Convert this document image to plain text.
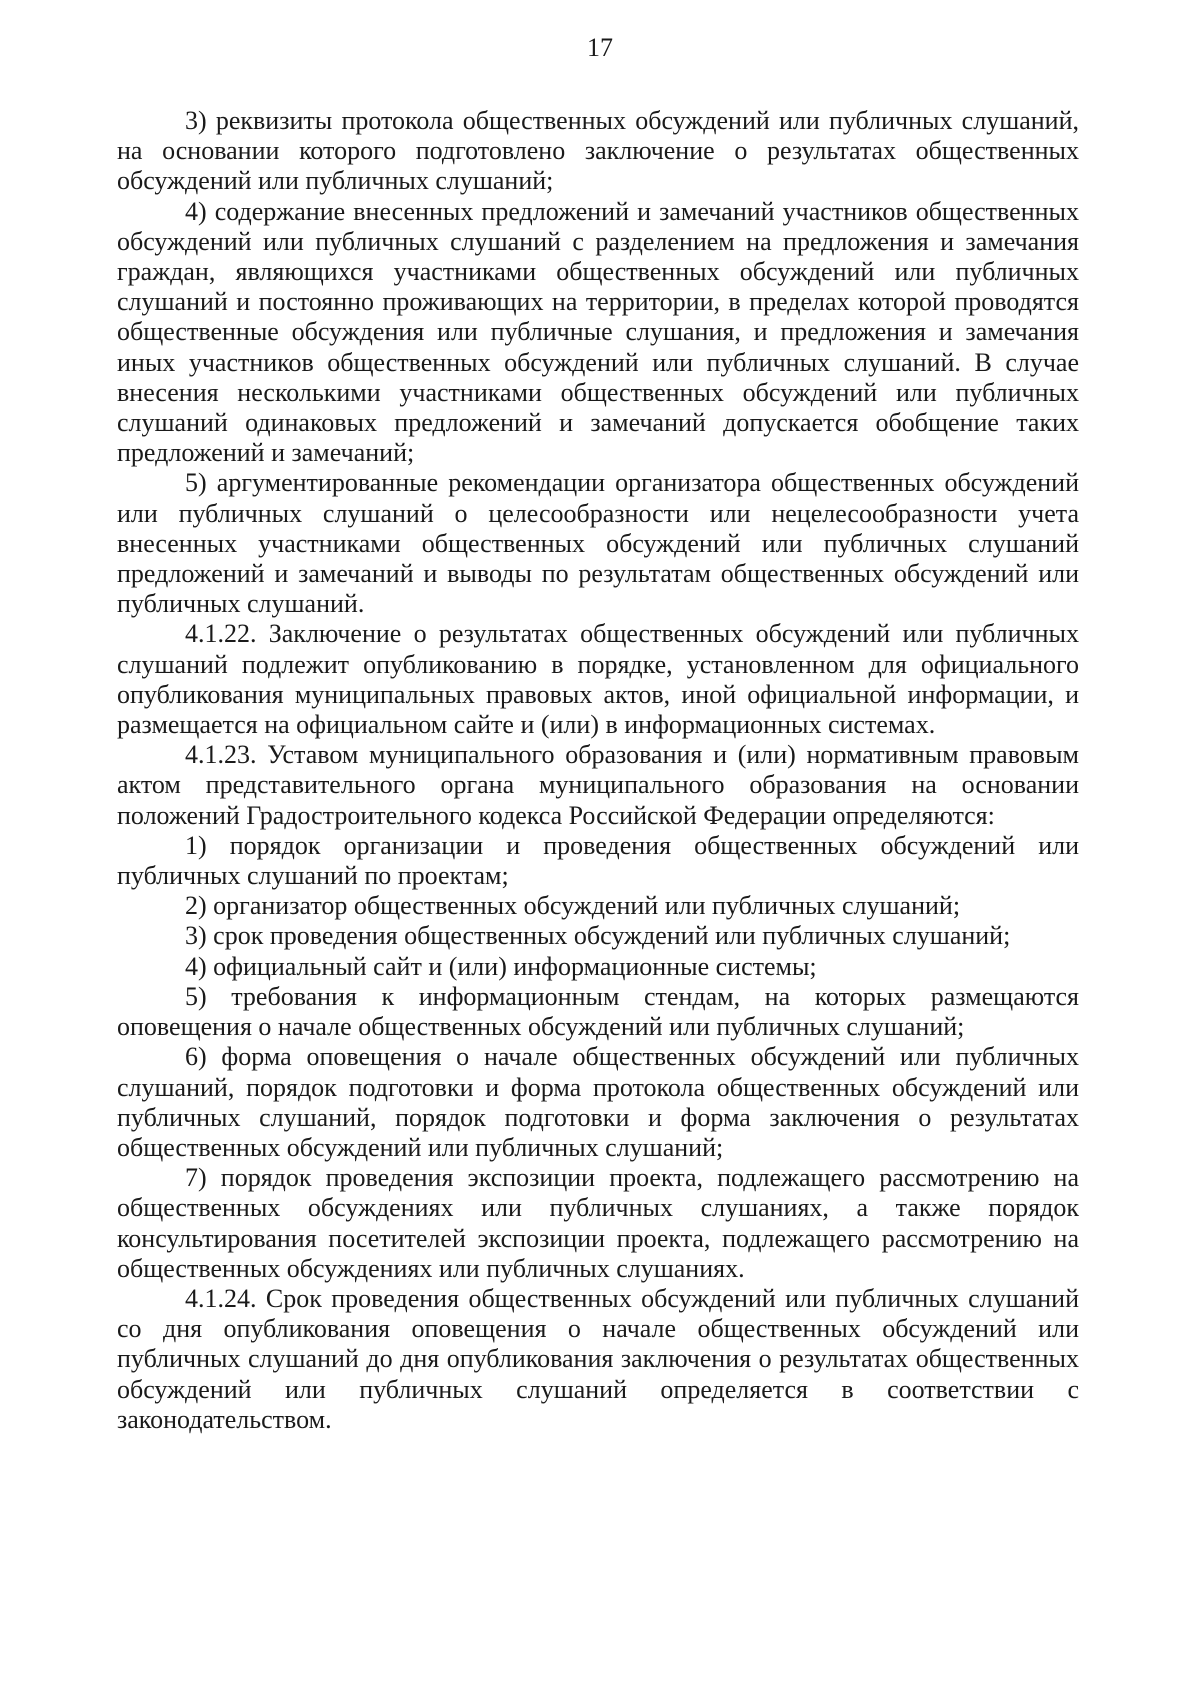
17

3) реквизиты протокола общественных обсуждений или публичных слушаний, на основании которого подготовлено заключение о результатах общественных обсуждений или публичных слушаний;

4) содержание внесенных предложений и замечаний участников общественных обсуждений или публичных слушаний с разделением на предложения и замечания граждан, являющихся участниками общественных обсуждений или публичных слушаний и постоянно проживающих на территории, в пределах которой проводятся общественные обсуждения или публичные слушания, и предложения и замечания иных участников общественных обсуждений или публичных слушаний. В случае внесения несколькими участниками общественных обсуждений или публичных слушаний одинаковых предложений и замечаний допускается обобщение таких предложений и замечаний;

5) аргументированные рекомендации организатора общественных обсуждений или публичных слушаний о целесообразности или нецелесообразности учета внесенных участниками общественных обсуждений или публичных слушаний предложений и замечаний и выводы по результатам общественных обсуждений или публичных слушаний.

4.1.22. Заключение о результатах общественных обсуждений или публичных слушаний подлежит опубликованию в порядке, установленном для официального опубликования муниципальных правовых актов, иной официальной информации, и размещается на официальном сайте и (или) в информационных системах.

4.1.23. Уставом муниципального образования и (или) нормативным правовым актом представительного органа муниципального образования на основании положений Градостроительного кодекса Российской Федерации определяются:

1) порядок организации и проведения общественных обсуждений или публичных слушаний по проектам;

2) организатор общественных обсуждений или публичных слушаний;

3) срок проведения общественных обсуждений или публичных слушаний;

4) официальный сайт и (или) информационные системы;

5) требования к информационным стендам, на которых размещаются оповещения о начале общественных обсуждений или публичных слушаний;

6) форма оповещения о начале общественных обсуждений или публичных слушаний, порядок подготовки и форма протокола общественных обсуждений или публичных слушаний, порядок подготовки и форма заключения о результатах общественных обсуждений или публичных слушаний;

7) порядок проведения экспозиции проекта, подлежащего рассмотрению на общественных обсуждениях или публичных слушаниях, а также порядок консультирования посетителей экспозиции проекта, подлежащего рассмотрению на общественных обсуждениях или публичных слушаниях.

4.1.24. Срок проведения общественных обсуждений или публичных слушаний со дня опубликования оповещения о начале общественных обсуждений или публичных слушаний до дня опубликования заключения о результатах общественных обсуждений или публичных слушаний определяется в соответствии с законодательством.
